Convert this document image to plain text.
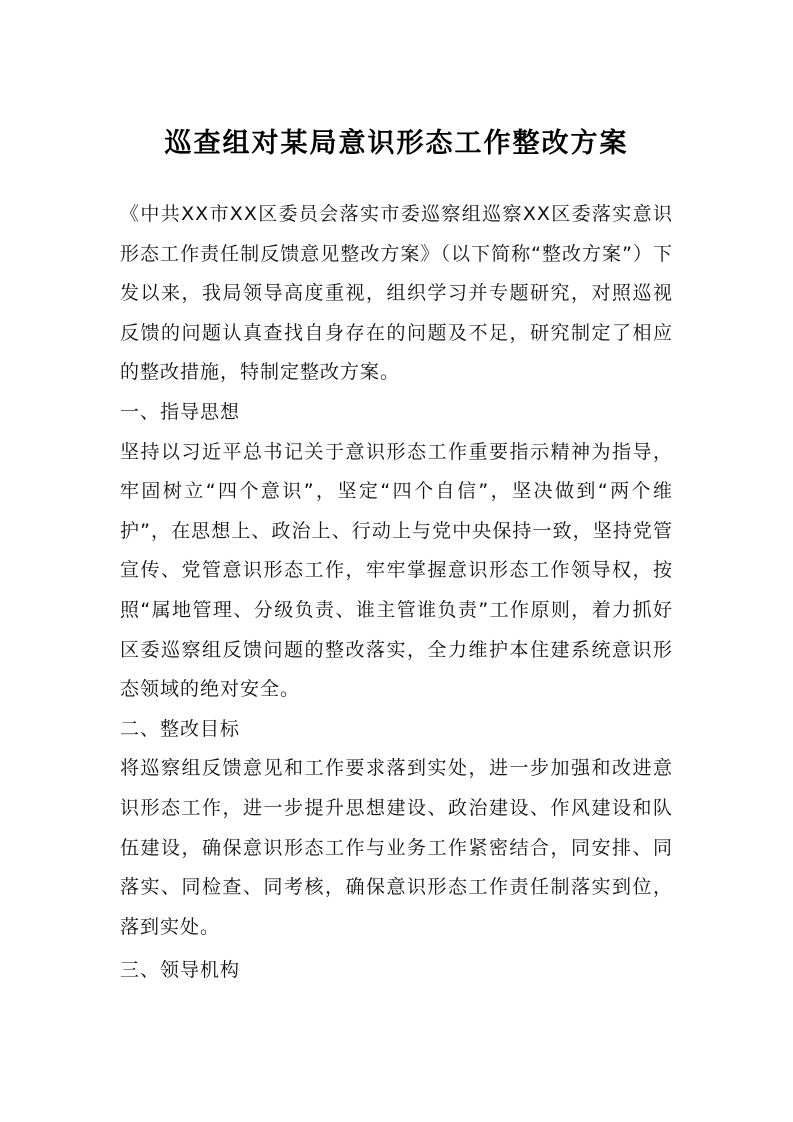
巡查组对某局意识形态工作整改方案

《中共XX市XX区委员会落实市委巡察组巡察XX区委落实意识形态工作责任制反馈意见整改方案》（以下简称“整改方案”）下发以来，我局领导高度重视，组织学习并专题研究，对照巡视反馈的问题认真查找自身存在的问题及不足，研究制定了相应的整改措施，特制定整改方案。

一、指导思想

坚持以习近平总书记关于意识形态工作重要指示精神为指导，牢固树立“四个意识”，坚定“四个自信”，坚决做到“两个维护”，在思想上、政治上、行动上与党中央保持一致，坚持党管宣传、党管意识形态工作，牢牢掌握意识形态工作领导权，按照“属地管理、分级负责、谁主管谁负责”工作原则，着力抓好区委巡察组反馈问题的整改落实，全力维护本住建系统意识形态领域的绝对安全。

二、整改目标

将巡察组反馈意见和工作要求落到实处，进一步加强和改进意识形态工作，进一步提升思想建设、政治建设、作风建设和队伍建设，确保意识形态工作与业务工作紧密结合，同安排、同落实、同检查、同考核，确保意识形态工作责任制落实到位，落到实处。

三、领导机构
